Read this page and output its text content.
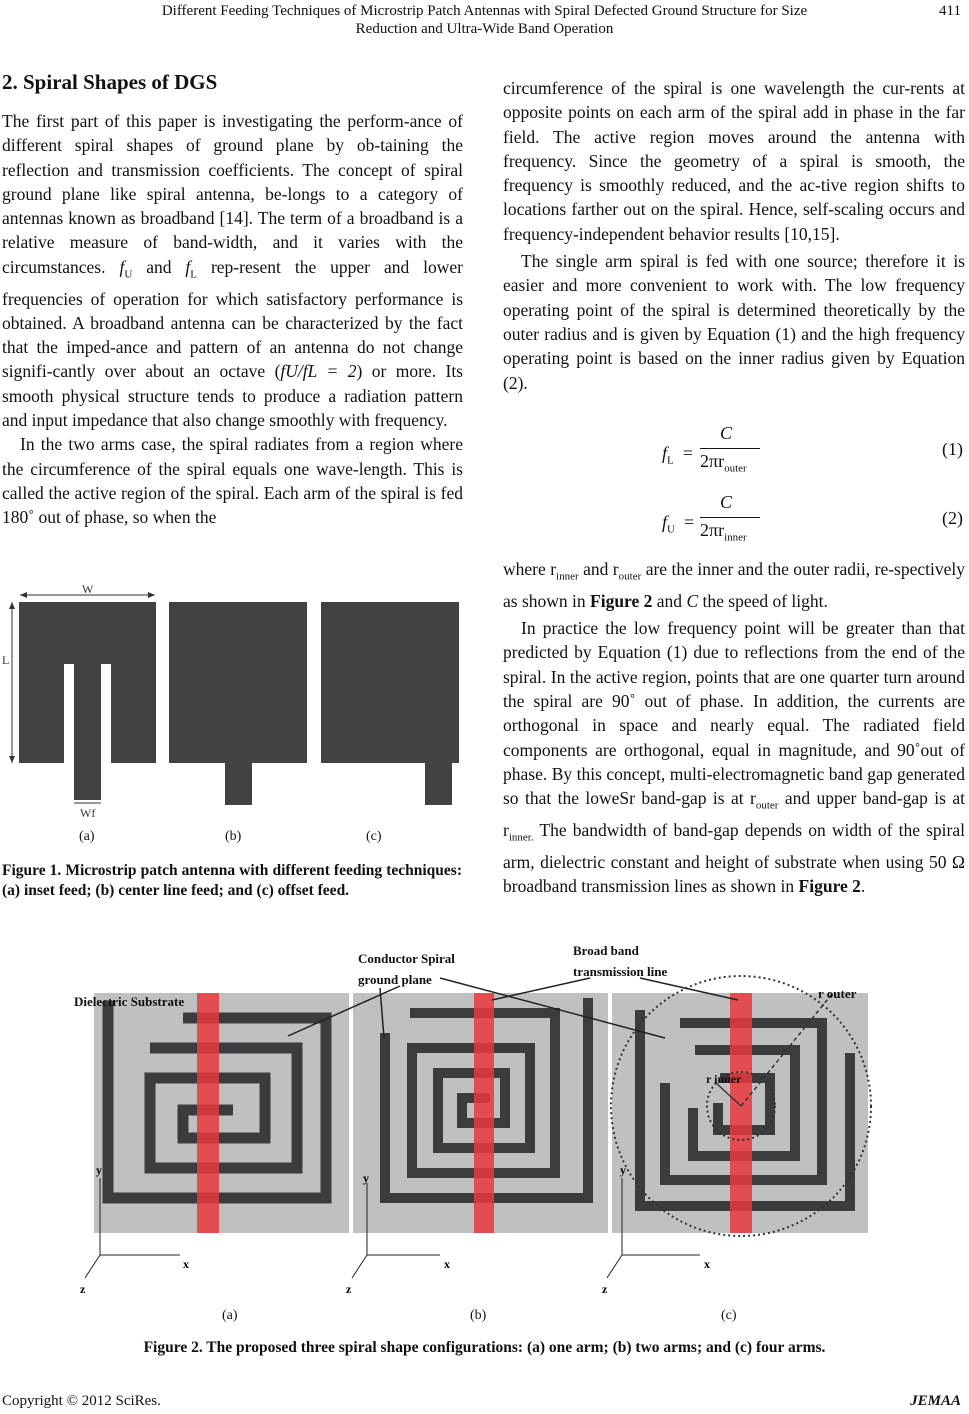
Different Feeding Techniques of Microstrip Patch Antennas with Spiral Defected Ground Structure for Size
Reduction and Ultra-Wide Band Operation
411
2. Spiral Shapes of DGS

The first part of this paper is investigating the perform-ance of different spiral shapes of ground plane by ob-taining the reflection and transmission coefficients. The concept of spiral ground plane like spiral antenna, be-longs to a category of antennas known as broadband [14]. The term of a broadband is a relative measure of band-width, and it varies with the circumstances. $f_U$ and $f_L$ rep-resent the upper and lower frequencies of operation for which satisfactory performance is obtained. A broadband antenna can be characterized by the fact that the imped-ance and pattern of an antenna do not change signifi-cantly over about an octave (fU/fL = 2) or more. Its smooth physical structure tends to produce a radiation pattern and input impedance that also change smoothly with frequency.

In the two arms case, the spiral radiates from a region where the circumference of the spiral equals one wave-length. This is called the active region of the spiral. Each arm of the spiral is fed 180˚ out of phase, so when the

circumference of the spiral is one wavelength the cur-rents at opposite points on each arm of the spiral add in phase in the far field. The active region moves around the antenna with frequency. Since the geometry of a spiral is smooth, the frequency is smoothly reduced, and the ac-tive region shifts to locations farther out on the spiral. Hence, self-scaling occurs and frequency-independent behavior results [10,15].

The single arm spiral is fed with one source; therefore it is easier and more convenient to work with. The low frequency operating point of the spiral is determined theoretically by the outer radius and is given by Equation (1) and the high frequency operating point is based on the inner radius given by Equation (2).

$f_L$ =
C
$2\pi r_{outer}$
(1)
$f_U$ =
C
$2\pi r_{inner}$
(2)

where $r_{inner}$ and $r_{outer}$ are the inner and the outer radii, re-spectively as shown in Figure 2 and C the speed of light.

In practice the low frequency point will be greater than that predicted by Equation (1) due to reflections from the end of the spiral. In the active region, points that are one quarter turn around the spiral are 90˚ out of phase. In addition, the currents are orthogonal in space and nearly equal. The radiated field components are orthogonal, equal in magnitude, and 90˚out of phase. By this concept, multi-electromagnetic band gap generated so that the loweSr band-gap is at $r_{outer}$ and upper band-gap is at $r_{inner.}$ The bandwidth of band-gap depends on width of the spiral arm, dielectric constant and height of substrate when using 50 Ω broadband transmission lines as shown in Figure 2.

W
L
Wf
(a)	(b)	(c)
Figure 1. Microstrip patch antenna with different feeding techniques: (a) inset feed; (b) center line feed; and (c) offset feed.
Dielectric Substrate
Conductor Spiral
ground plane
Broad band
transmission line
r outer
r inner
y
x
z
y
x
z
y
x
z
(a)	(b)	(c)
Figure 2. The proposed three spiral shape configurations: (a) one arm; (b) two arms; and (c) four arms.
Copyright © 2012 SciRes.	JEMAA
